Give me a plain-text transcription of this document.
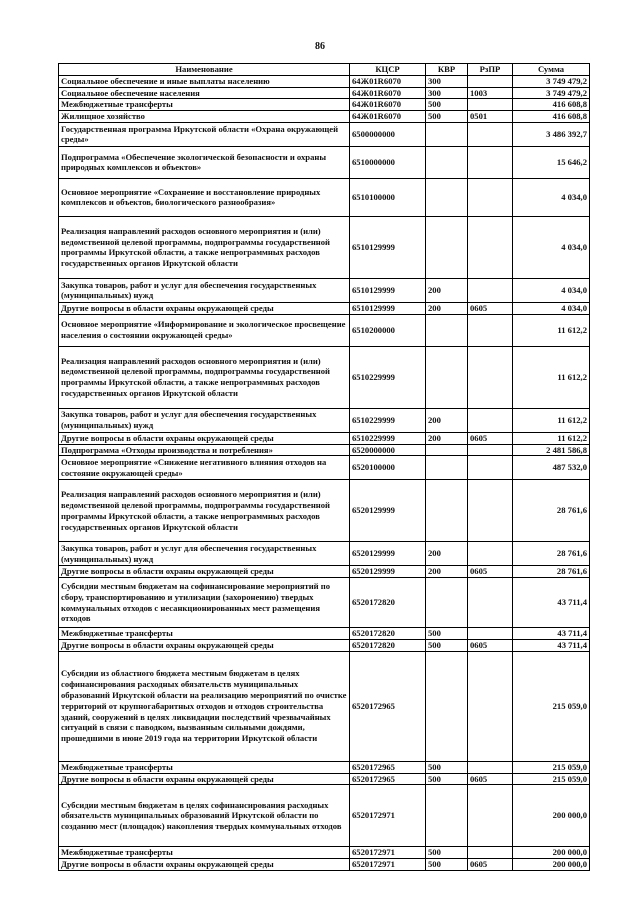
86
Наименование	КЦСР	КВР	РзПР	Сумма
Социальное обеспечение и иные выплаты населению	64Ж01R6070	300		3 749 479,2
Социальное обеспечение населения	64Ж01R6070	300	1003	3 749 479,2
Межбюджетные трансферты	64Ж01R6070	500		416 608,8
Жилищное хозяйство	64Ж01R6070	500	0501	416 608,8
Государственная программа Иркутской области «Охрана окружающей среды»	6500000000			3 486 392,7
Подпрограмма «Обеспечение экологической безопасности и охраны природных комплексов и объектов»	6510000000			15 646,2
Основное мероприятие «Сохранение и восстановление природных комплексов и объектов, биологического разнообразия»	6510100000			4 034,0
Реализация направлений расходов основного мероприятия и (или) ведомственной целевой программы, подпрограммы государственной программы Иркутской области, а также непрограммных расходов государственных органов Иркутской области	6510129999			4 034,0
Закупка товаров, работ и услуг для обеспечения государственных (муниципальных) нужд	6510129999	200		4 034,0
Другие вопросы в области охраны окружающей среды	6510129999	200	0605	4 034,0
Основное мероприятие «Информирование и экологическое просвещение населения о состоянии окружающей среды»	6510200000			11 612,2
Реализация направлений расходов основного мероприятия и (или) ведомственной целевой программы, подпрограммы государственной программы Иркутской области, а также непрограммных расходов государственных органов Иркутской области	6510229999			11 612,2
Закупка товаров, работ и услуг для обеспечения государственных (муниципальных) нужд	6510229999	200		11 612,2
Другие вопросы в области охраны окружающей среды	6510229999	200	0605	11 612,2
Подпрограмма «Отходы производства и потребления»	6520000000			2 481 586,8
Основное мероприятие «Снижение негативного влияния отходов на состояние окружающей среды»	6520100000			487 532,0
Реализация направлений расходов основного мероприятия и (или) ведомственной целевой программы, подпрограммы государственной программы Иркутской области, а также непрограммных расходов государственных органов Иркутской области	6520129999			28 761,6
Закупка товаров, работ и услуг для обеспечения государственных (муниципальных) нужд	6520129999	200		28 761,6
Другие вопросы в области охраны окружающей среды	6520129999	200	0605	28 761,6
Субсидии местным бюджетам на софинансирование мероприятий по сбору, транспортированию и утилизации (захоронению) твердых коммунальных отходов с несанкционированных мест размещения отходов	6520172820			43 711,4
Межбюджетные трансферты	6520172820	500		43 711,4
Другие вопросы в области охраны окружающей среды	6520172820	500	0605	43 711,4
Субсидии из областного бюджета местным бюджетам в целях софинансирования расходных обязательств муниципальных образований Иркутской области на реализацию мероприятий по очистке территорий от крупногабаритных отходов и отходов строительства зданий, сооружений в целях ликвидации последствий чрезвычайных ситуаций в связи с паводком, вызванным сильными дождями, прошедшими в июне 2019 года на территории Иркутской области	6520172965			215 059,0
Межбюджетные трансферты	6520172965	500		215 059,0
Другие вопросы в области охраны окружающей среды	6520172965	500	0605	215 059,0
Субсидии местным бюджетам в целях софинансирования расходных обязательств муниципальных образований Иркутской области по созданию мест (площадок) накопления твердых коммунальных отходов	6520172971			200 000,0
Межбюджетные трансферты	6520172971	500		200 000,0
Другие вопросы в области охраны окружающей среды	6520172971	500	0605	200 000,0
